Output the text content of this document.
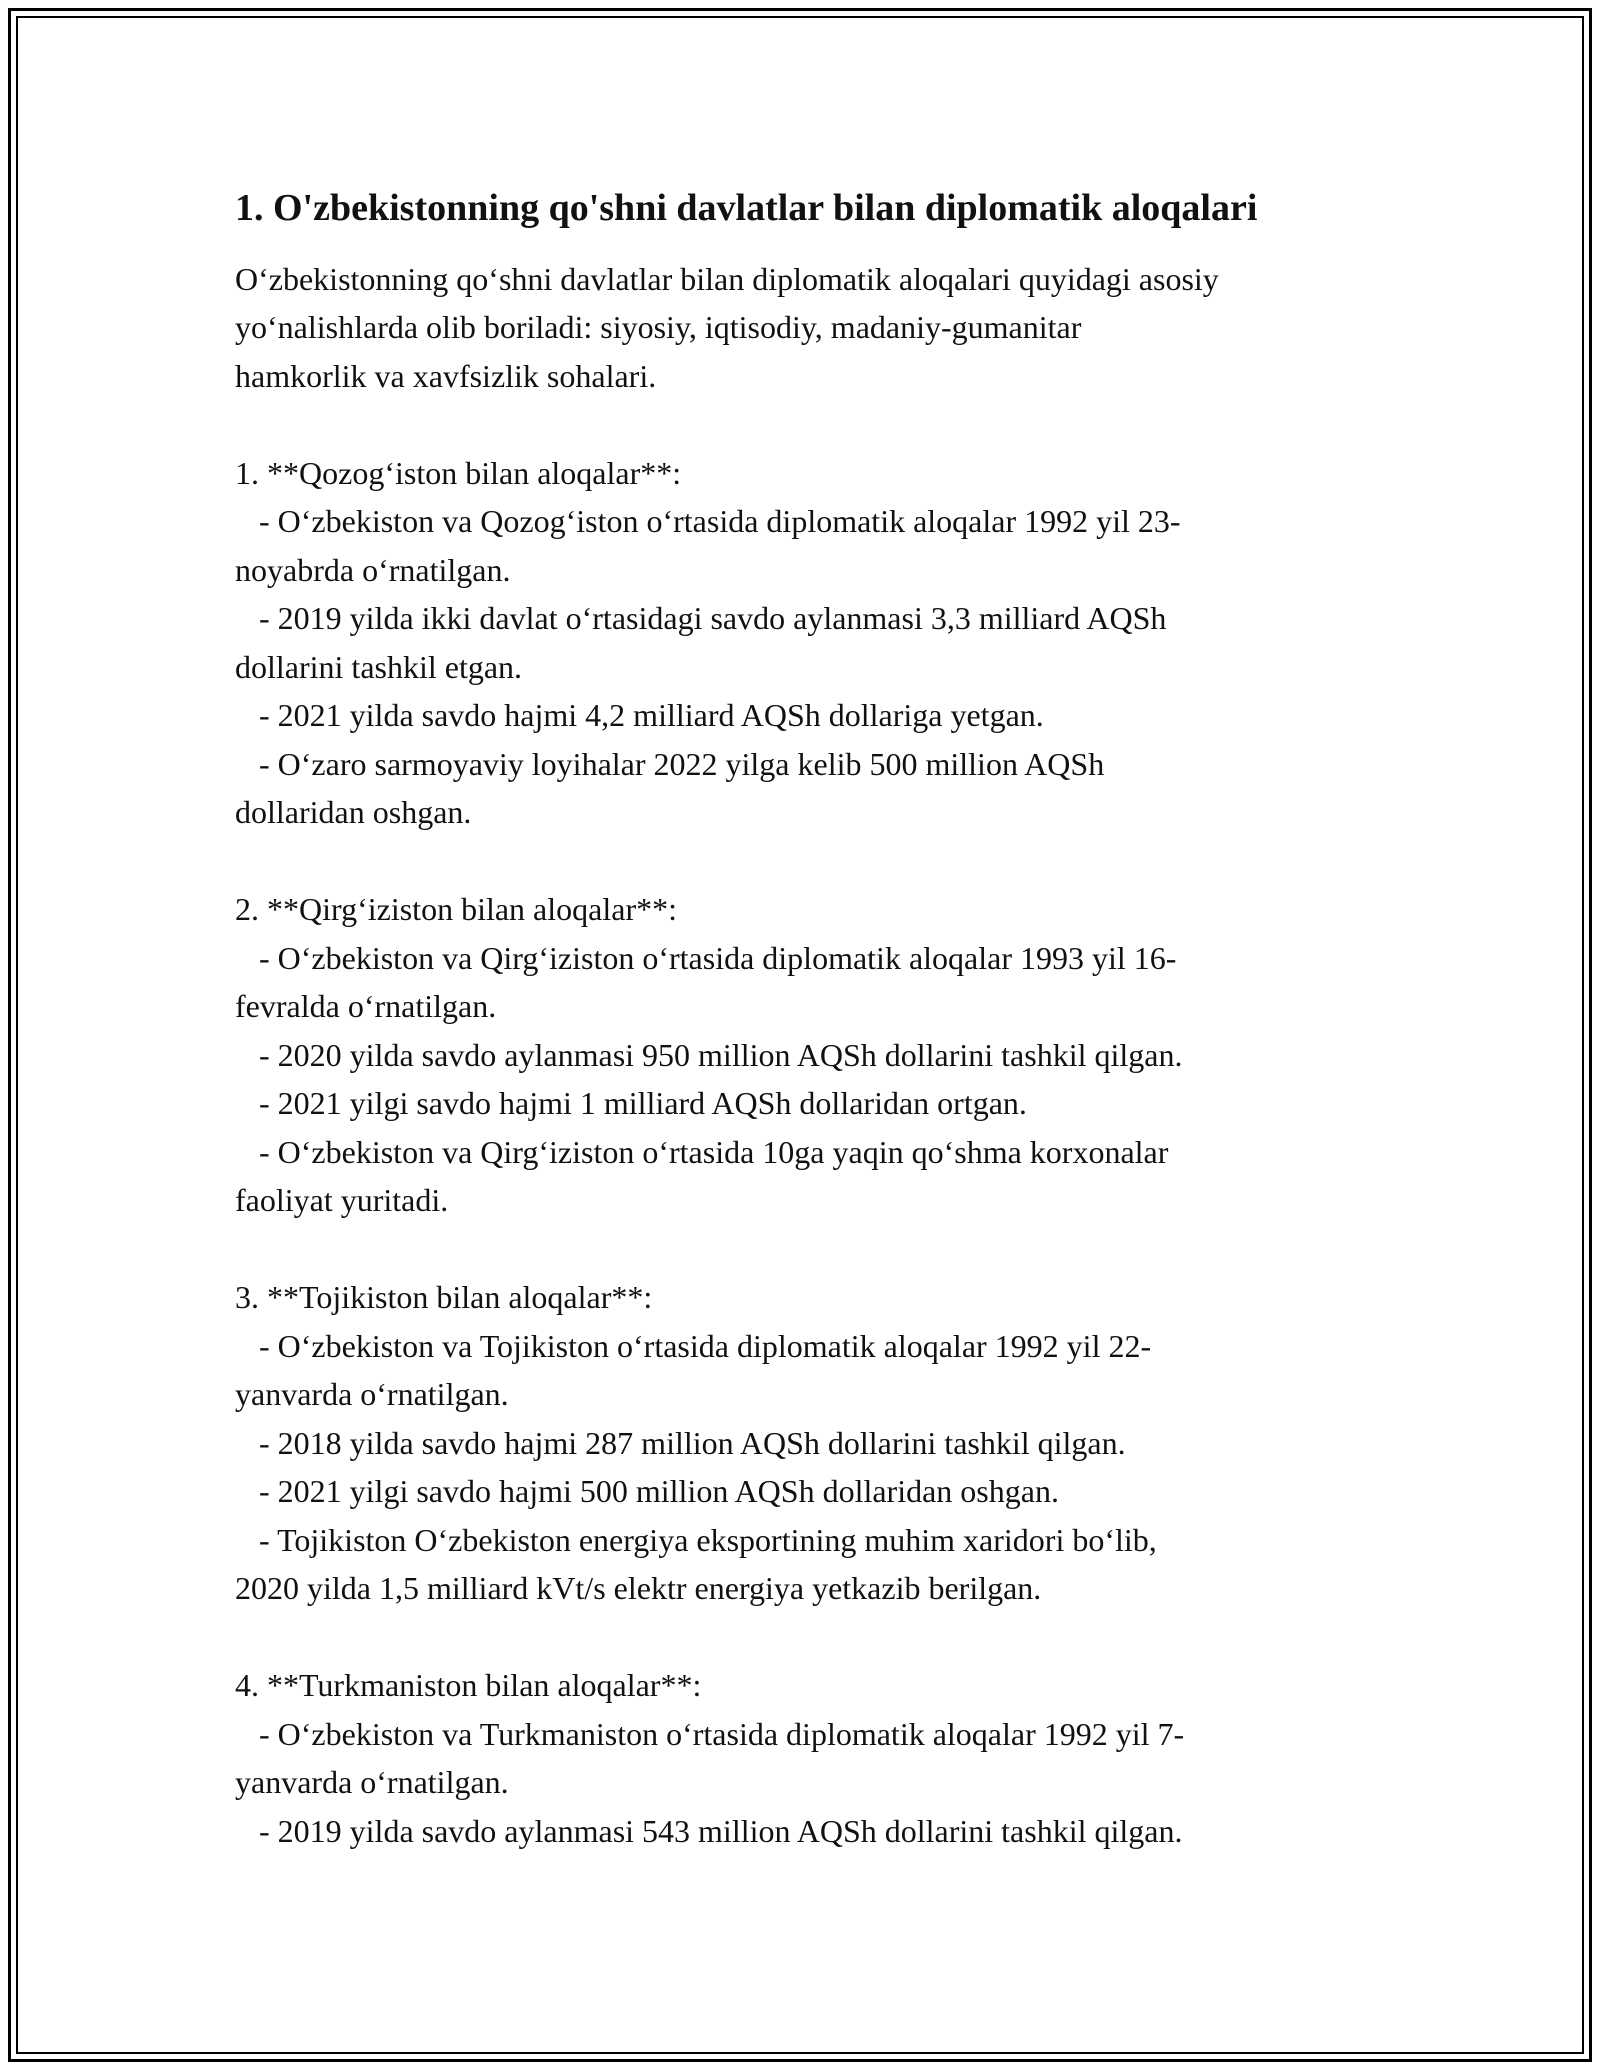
1. O'zbekistonning qo'shni davlatlar bilan diplomatik aloqalari
O‘zbekistonning qo‘shni davlatlar bilan diplomatik aloqalari quyidagi asosiy
yo‘nalishlarda olib boriladi: siyosiy, iqtisodiy, madaniy-gumanitar
hamkorlik va xavfsizlik sohalari.
1. **Qozog‘iston bilan aloqalar**:
- O‘zbekiston va Qozog‘iston o‘rtasida diplomatik aloqalar 1992 yil 23-
noyabrda o‘rnatilgan.
- 2019 yilda ikki davlat o‘rtasidagi savdo aylanmasi 3,3 milliard AQSh
dollarini tashkil etgan.
- 2021 yilda savdo hajmi 4,2 milliard AQSh dollariga yetgan.
- O‘zaro sarmoyaviy loyihalar 2022 yilga kelib 500 million AQSh
dollaridan oshgan.
2. **Qirg‘iziston bilan aloqalar**:
- O‘zbekiston va Qirg‘iziston o‘rtasida diplomatik aloqalar 1993 yil 16-
fevralda o‘rnatilgan.
- 2020 yilda savdo aylanmasi 950 million AQSh dollarini tashkil qilgan.
- 2021 yilgi savdo hajmi 1 milliard AQSh dollaridan ortgan.
- O‘zbekiston va Qirg‘iziston o‘rtasida 10ga yaqin qo‘shma korxonalar
faoliyat yuritadi.
3. **Tojikiston bilan aloqalar**:
- O‘zbekiston va Tojikiston o‘rtasida diplomatik aloqalar 1992 yil 22-
yanvarda o‘rnatilgan.
- 2018 yilda savdo hajmi 287 million AQSh dollarini tashkil qilgan.
- 2021 yilgi savdo hajmi 500 million AQSh dollaridan oshgan.
- Tojikiston O‘zbekiston energiya eksportining muhim xaridori bo‘lib,
2020 yilda 1,5 milliard kVt/s elektr energiya yetkazib berilgan.
4. **Turkmaniston bilan aloqalar**:
- O‘zbekiston va Turkmaniston o‘rtasida diplomatik aloqalar 1992 yil 7-
yanvarda o‘rnatilgan.
- 2019 yilda savdo aylanmasi 543 million AQSh dollarini tashkil qilgan.
